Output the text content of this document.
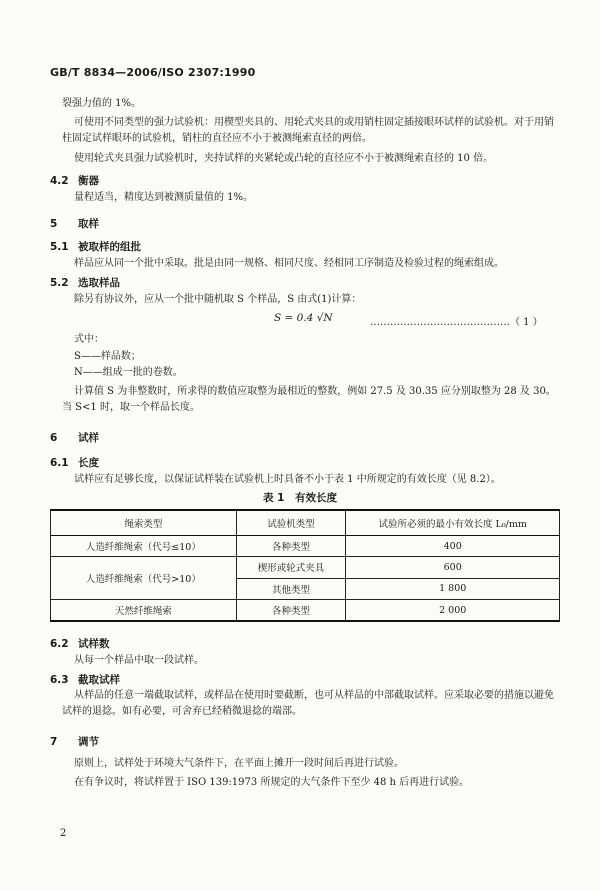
GB/T 8834—2006/ISO 2307:1990
裂强力值的 1%。
可使用不同类型的强力试验机：用楔型夹具的、用轮式夹具的或用销柱固定插接眼环试样的试验机。对于用销柱固定试样眼环的试验机，销柱的直径应不小于被测绳索直径的两倍。
使用轮式夹具强力试验机时，夹持试样的夹紧轮或凸轮的直径应不小于被测绳索直径的 10 倍。
4.2 衡器
量程适当，精度达到被测质量值的 1%。
5 取样
5.1 被取样的组批
样品应从同一个批中采取。批是由同一规格、相同尺度、经相同工序制造及检验过程的绳索组成。
5.2 选取样品
除另有协议外，应从一个批中随机取 S 个样品，S 由式(1)计算：
S = 0.4 √N	……………………………………（ 1 ）
式中：
S——样品数；
N——组成一批的卷数。
计算值 S 为非整数时，所求得的数值应取整为最相近的整数，例如 27.5 及 30.35 应分别取整为 28 及 30。当 S<1 时，取一个样品长度。
6 试样
6.1 长度
试样应有足够长度，以保证试样装在试验机上时具备不小于表 1 中所规定的有效长度（见 8.2）。
表 1　有效长度
绳索类型	试验机类型	试验所必须的最小有效长度 L₀/mm
人造纤维绳索（代号≤10）	各种类型	400
人造纤维绳索（代号>10）	楔形或轮式夹具	600
	其他类型	1 800
天然纤维绳索	各种类型	2 000
6.2 试样数
从每一个样品中取一段试样。
6.3 截取试样
从样品的任意一端截取试样，或样品在使用时要截断，也可从样品的中部截取试样。应采取必要的措施以避免试样的退捻。如有必要，可舍弃已经稍微退捻的端部。
7 调节
原则上，试样处于环境大气条件下，在平面上摊开一段时间后再进行试验。
在有争议时，将试样置于 ISO 139:1973 所规定的大气条件下至少 48 h 后再进行试验。
2
